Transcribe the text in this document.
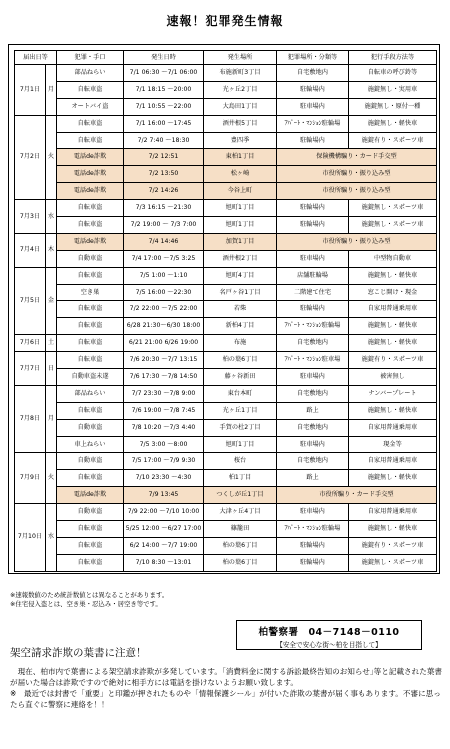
速報！犯罪発生情報
届出日等		犯罪・手口	発生日時	発生場所	犯罪場所・分類等	犯行手段方法等
7月1日	月	部品ねらい	7/1 06:30 ～7/1 06:00	布施新町3丁目	自宅敷地内	自転車の呼び鈴等
		自転車盗	7/1 18:15 ～20:00	光ヶ丘2丁目	駐輪場内	施錠無し・実用車
		オートバイ盗	7/1 10:55 ～22:00	大島田1丁目	駐車場内	施錠無し・原付一種
7月2日	火	自転車盗	7/1 16:00 ～17:45	酒井根5丁目	ｱﾊﾟｰﾄ・ﾏﾝｼｮﾝ駐輪場	施錠無し・軽快車
		自転車盗	7/2 7:40 ～18:30	豊四季	駐輪場内	施錠有り・スポーツ車
		電話de詐欺	7/2 12:51	東柏1丁目	保険機構騙り・カード手交型	
		電話de詐欺	7/2 13:50	松ヶ崎	市役所騙り・振り込み型	
		電話de詐欺	7/2 14:26	今谷上町	市役所騙り・振り込み型	
7月3日	水	自転車盗	7/3 16:15 ～21:30	旭町1丁目	駐輪場内	施錠無し・スポーツ車
		自転車盗	7/2 19:00 ～ 7/3 7:00	旭町1丁目	駐輪場内	施錠無し・スポーツ車
7月4日	木	電話de詐欺	7/4 14:46	加賀1丁目	市役所騙り・振り込み型	
		自動車盗	7/4 17:00 ～7/5 3:25	酒井根2丁目	駐車場内	中型物自動車
7月5日	金	自転車盗	7/5 1:00 ～1:10	旭町4丁目	店舗駐輪場	施錠無し・軽快車
		空き巣	7/5 16:00 ～22:30	名戸ヶ谷1丁目	二階建て住宅	窓こじ開け・現金
		自転車盗	7/2 22:00 ～7/5 22:00	若柴	駐輪場内	自家用普通乗用車
		自転車盗	6/28 21:30～6/30 18:00	新柏4丁目	ｱﾊﾟｰﾄ・ﾏﾝｼｮﾝ駐輪場	施錠無し・軽快車
7月6日	土	自転車盗	6/21 21:00 6/26 19:00	布施	自宅敷地内	施錠無し・軽快車
7月7日	日	自転車盗	7/6 20:30 ～7/7 13:15	柏の葉6丁目	ｱﾊﾟｰﾄ・ﾏﾝｼｮﾝ駐車場	施錠有り・スポーツ車
		自動車盗未遂	7/6 17:30 ～7/8 14:50	藤ヶ谷新田	駐車場内	被害無し
7月8日	月	部品ねらい	7/7 23:30 ～7/8 9:00	東台本町	自宅敷地内	ナンバープレート
		自転車盗	7/6 19:00 ～7/8 7:45	光ヶ丘1丁目	路上	施錠無し・軽快車
		自動車盗	7/8 10:20 ～7/3 4:40	手賀の杜2丁目	自宅敷地内	自家用普通乗用車
		車上ねらい	7/5 3:00 ～8:00	旭町1丁目	駐車場内	現金等
7月9日	火	自動車盗	7/5 17:00 ～7/9 9:30	桜台	自宅敷地内	自家用普通乗用車
		自転車盗	7/10 23:30 ～4:30	柏1丁目	路上	施錠無し・軽快車
		電話de詐欺	7/9 13:45	つくしが丘1丁目	市役所騙り・カード手交型	
7月10日	水	自動車盗	7/9 22:00 ～7/10 10:00	大津ヶ丘4丁目	駐車場内	自家用普通乗用車
		自転車盗	5/25 12:00 ～6/27 17:00	篠籠田	ｱﾊﾟｰﾄ・ﾏﾝｼｮﾝ駐輪場	施錠無し・軽快車
		自転車盗	6/2 14:00 ～7/7 19:00	柏の葉6丁目	駐輪場内	施錠有り・スポーツ車
		自転車盗	7/10 8:30 ～13:01	柏の葉6丁目	駐輪場内	施錠無し・スポーツ車
※速報数値のため統計数値とは異なることがあります。
※住宅侵入盗とは、空き巣・忍込み・居空き等です。
柏警察署　04－7148－0110
【安全で安心な街～柏を目指して】
架空請求詐欺の葉書に注意！

　現在、柏市内で葉書による架空請求詐欺が多発しています。｢消費料金に関する訴訟最終告知のお知らせ｣等と記載された葉書が届いた場合は詐欺ですので絶対に相手方には電話を掛けないようお願い致します。

※　最近では封書で「重要」と印鑑が押されたものや「情報保護シール」が付いた詐欺の葉書が届く事もあります。不審に思ったら直ぐに警察に連絡を！！
